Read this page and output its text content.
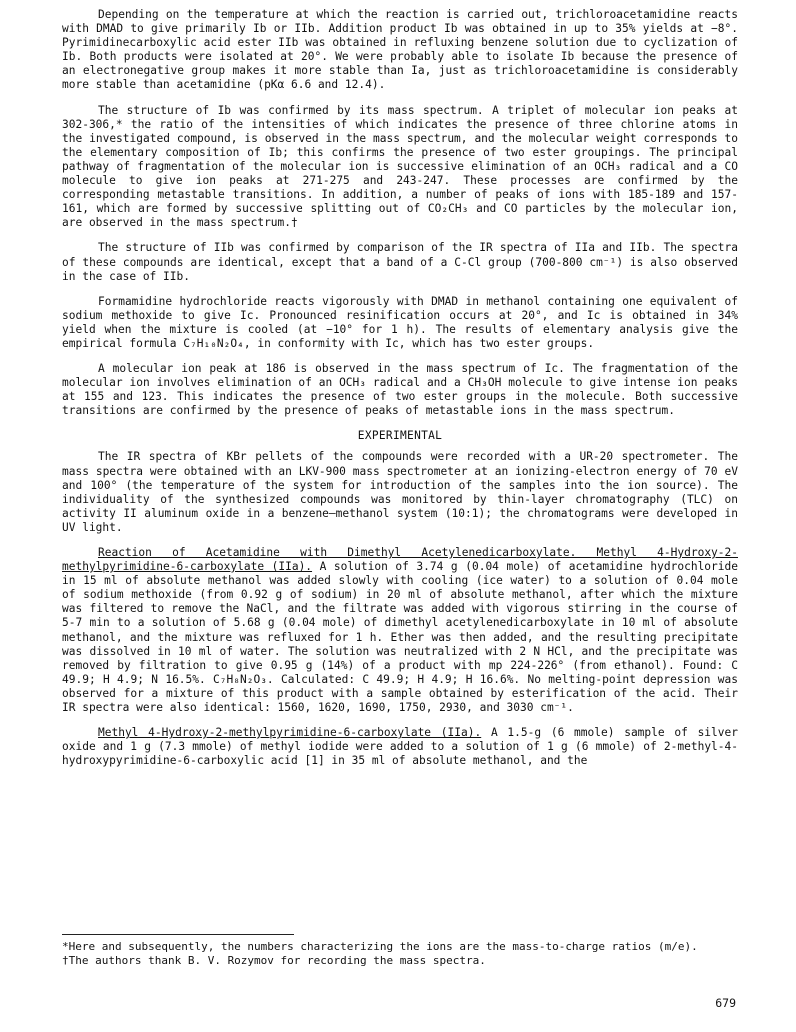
Depending on the temperature at which the reaction is carried out, trichloroacetamidine reacts with DMAD to give primarily Ib or IIb. Addition product Ib was obtained in up to 35% yields at −8°. Pyrimidinecarboxylic acid ester IIb was obtained in refluxing benzene solution due to cyclization of Ib. Both products were isolated at 20°. We were probably able to isolate Ib because the presence of an electronegative group makes it more stable than Ia, just as trichloroacetamidine is considerably more stable than acetamidine (pKα 6.6 and 12.4).

The structure of Ib was confirmed by its mass spectrum. A triplet of molecular ion peaks at 302-306,* the ratio of the intensities of which indicates the presence of three chlorine atoms in the investigated compound, is observed in the mass spectrum, and the molecular weight corresponds to the elementary composition of Ib; this confirms the presence of two ester groupings. The principal pathway of fragmentation of the molecular ion is successive elimination of an OCH₃ radical and a CO molecule to give ion peaks at 271-275 and 243-247. These processes are confirmed by the corresponding metastable transitions. In addition, a number of peaks of ions with 185-189 and 157-161, which are formed by successive splitting out of CO₂CH₃ and CO particles by the molecular ion, are observed in the mass spectrum.†

The structure of IIb was confirmed by comparison of the IR spectra of IIa and IIb. The spectra of these compounds are identical, except that a band of a C-Cl group (700-800 cm⁻¹) is also observed in the case of IIb.

Formamidine hydrochloride reacts vigorously with DMAD in methanol containing one equivalent of sodium methoxide to give Ic. Pronounced resinification occurs at 20°, and Ic is obtained in 34% yield when the mixture is cooled (at −10° for 1 h). The results of elementary analysis give the empirical formula C₇H₁₀N₂O₄, in conformity with Ic, which has two ester groups.

A molecular ion peak at 186 is observed in the mass spectrum of Ic. The fragmentation of the molecular ion involves elimination of an OCH₃ radical and a CH₃OH molecule to give intense ion peaks at 155 and 123. This indicates the presence of two ester groups in the molecule. Both successive transitions are confirmed by the presence of peaks of metastable ions in the mass spectrum.

EXPERIMENTAL

The IR spectra of KBr pellets of the compounds were recorded with a UR-20 spectrometer. The mass spectra were obtained with an LKV-900 mass spectrometer at an ionizing-electron energy of 70 eV and 100° (the temperature of the system for introduction of the samples into the ion source). The individuality of the synthesized compounds was monitored by thin-layer chromatography (TLC) on activity II aluminum oxide in a benzene–methanol system (10:1); the chromatograms were developed in UV light.

Reaction of Acetamidine with Dimethyl Acetylenedicarboxylate. Methyl 4-Hydroxy-2-methylpyrimidine-6-carboxylate (IIa). A solution of 3.74 g (0.04 mole) of acetamidine hydrochloride in 15 ml of absolute methanol was added slowly with cooling (ice water) to a solution of 0.04 mole of sodium methoxide (from 0.92 g of sodium) in 20 ml of absolute methanol, after which the mixture was filtered to remove the NaCl, and the filtrate was added with vigorous stirring in the course of 5-7 min to a solution of 5.68 g (0.04 mole) of dimethyl acetylenedicarboxylate in 10 ml of absolute methanol, and the mixture was refluxed for 1 h. Ether was then added, and the resulting precipitate was dissolved in 10 ml of water. The solution was neutralized with 2 N HCl, and the precipitate was removed by filtration to give 0.95 g (14%) of a product with mp 224-226° (from ethanol). Found: C 49.9; H 4.9; N 16.5%. C₇H₈N₂O₃. Calculated: C 49.9; H 4.9; H 16.6%. No melting-point depression was observed for a mixture of this product with a sample obtained by esterification of the acid. Their IR spectra were also identical: 1560, 1620, 1690, 1750, 2930, and 3030 cm⁻¹.

Methyl 4-Hydroxy-2-methylpyrimidine-6-carboxylate (IIa). A 1.5-g (6 mmole) sample of silver oxide and 1 g (7.3 mmole) of methyl iodide were added to a solution of 1 g (6 mmole) of 2-methyl-4-hydroxypyrimidine-6-carboxylic acid [1] in 35 ml of absolute methanol, and the

*Here and subsequently, the numbers characterizing the ions are the mass-to-charge ratios (m/e).

†The authors thank B. V. Rozymov for recording the mass spectra.

679
